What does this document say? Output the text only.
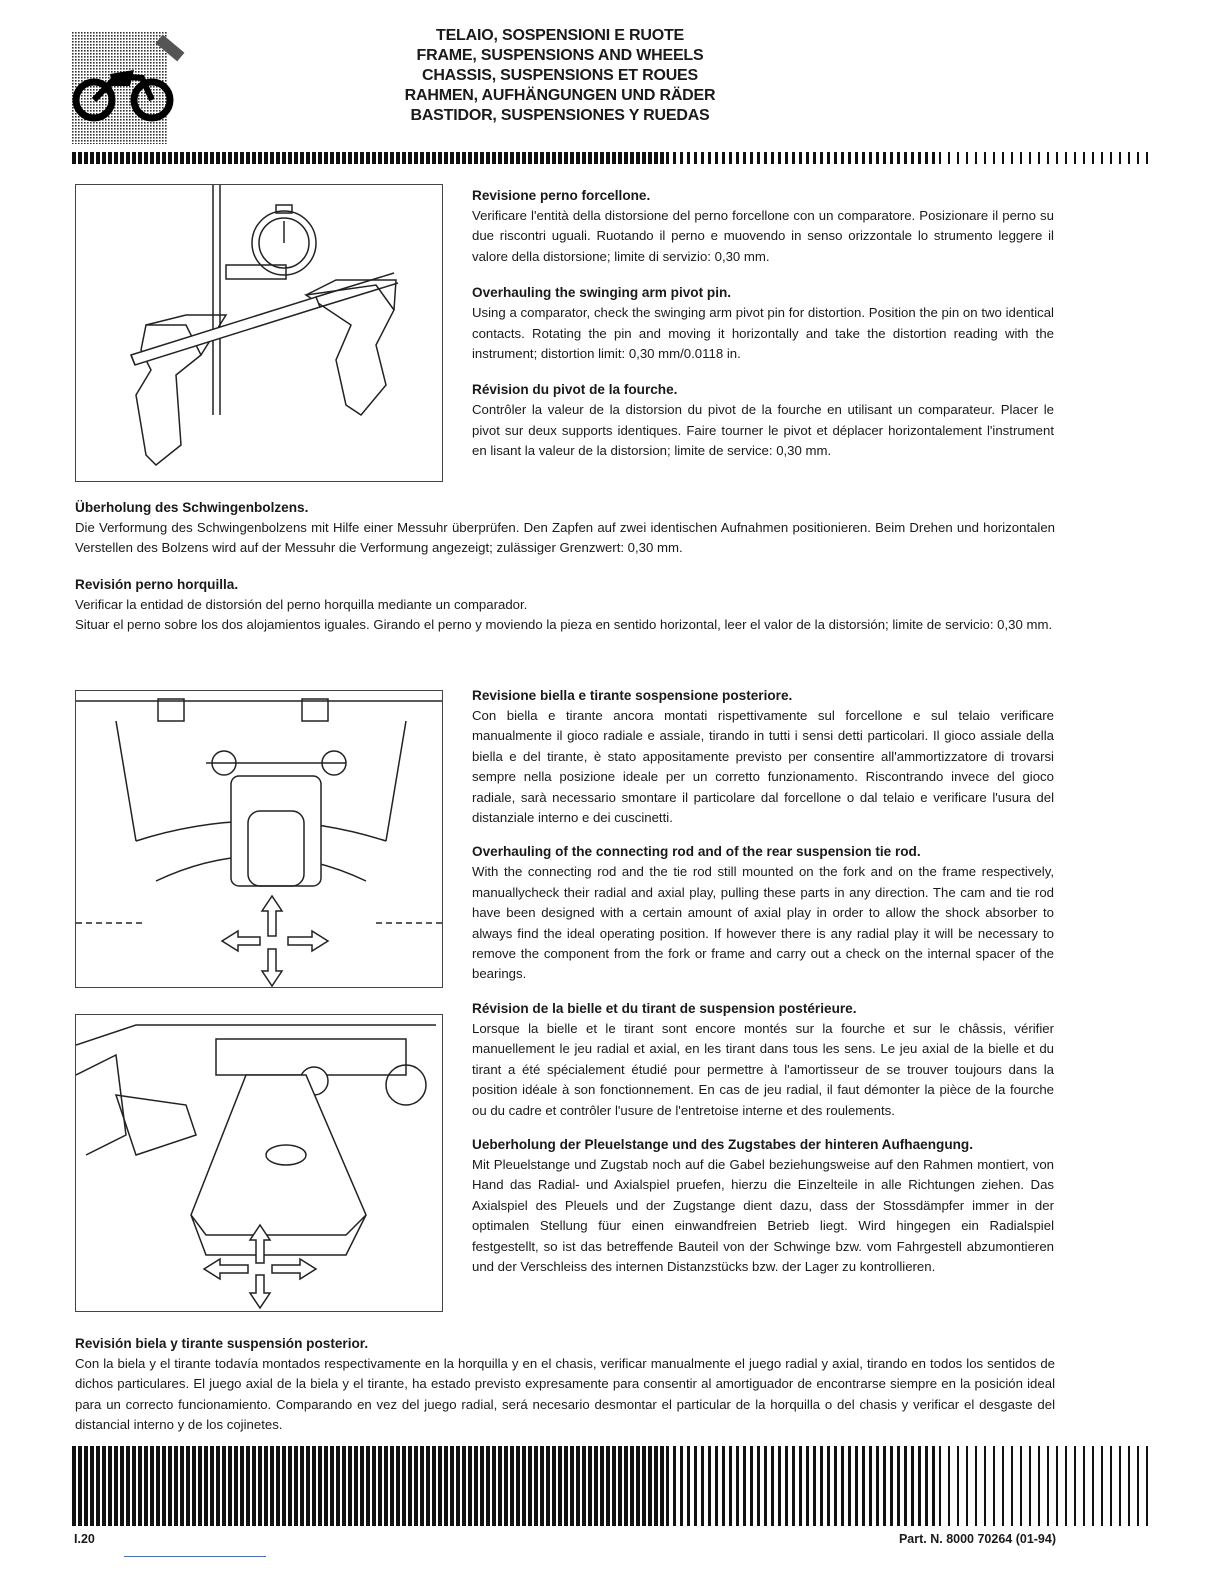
TELAIO, SOSPENSIONI E RUOTE
FRAME, SUSPENSIONS AND WHEELS
CHASSIS, SUSPENSIONS ET ROUES
RAHMEN, AUFHÄNGUNGEN UND RÄDER
BASTIDOR, SUSPENSIONES Y RUEDAS
Revisione perno forcellone.

Verificare l'entità della distorsione del perno forcellone con un comparatore. Posizionare il perno su due riscontri uguali. Ruotando il perno e muovendo in senso orizzontale lo strumento leggere il valore della distorsione; limite di servizio: 0,30 mm.

Overhauling the swinging arm pivot pin.

Using a comparator, check the swinging arm pivot pin for distortion. Position the pin on two identical contacts. Rotating the pin and moving it horizontally and take the distortion reading with the instrument; distortion limit: 0,30 mm/0.0118 in.

Révision du pivot de la fourche.

Contrôler la valeur de la distorsion du pivot de la fourche en utilisant un comparateur. Placer le pivot sur deux supports identiques. Faire tourner le pivot et déplacer horizontalement l'instrument en lisant la valeur de la distorsion; limite de service: 0,30 mm.

Überholung des Schwingenbolzens.

Die Verformung des Schwingenbolzens mit Hilfe einer Messuhr überprüfen. Den Zapfen auf zwei identischen Aufnahmen positionieren. Beim Drehen und horizontalen Verstellen des Bolzens wird auf der Messuhr die Verformung angezeigt; zulässiger Grenzwert: 0,30 mm.

Revisión perno horquilla.

Verificar la entidad de distorsión del perno horquilla mediante un comparador.

Situar el perno sobre los dos alojamientos iguales. Girando el perno y moviendo la pieza en sentido horizontal, leer el valor de la distorsión; limite de servicio: 0,30 mm.

Revisione biella e tirante sospensione posteriore.

Con biella e tirante ancora montati rispettivamente sul forcellone e sul telaio verificare manualmente il gioco radiale e assiale, tirando in tutti i sensi detti particolari. Il gioco assiale della biella e del tirante, è stato appositamente previsto per consentire all'ammortizzatore di trovarsi sempre nella posizione ideale per un corretto funzionamento. Riscontrando invece del gioco radiale, sarà necessario smontare il particolare dal forcellone o dal telaio e verificare l'usura del distanziale interno e dei cuscinetti.

Overhauling of the connecting rod and of the rear suspension tie rod.

With the connecting rod and the tie rod still mounted on the fork and on the frame respectively, manuallycheck their radial and axial play, pulling these parts in any direction. The cam and tie rod have been designed with a certain amount of axial play in order to allow the shock absorber to always find the ideal operating position. If however there is any radial play it will be necessary to remove the component from the fork or frame and carry out a check on the internal spacer of the bearings.

Révision de la bielle et du tirant de suspension postérieure.

Lorsque la bielle et le tirant sont encore montés sur la fourche et sur le châssis, vérifier manuellement le jeu radial et axial, en les tirant dans tous les sens. Le jeu axial de la bielle et du tirant a été spécialement étudié pour permettre à l'amortisseur de se trouver toujours dans la position idéale à son fonctionnement. En cas de jeu radial, il faut démonter la pièce de la fourche ou du cadre et contrôler l'usure de l'entretoise interne et des roulements.

Ueberholung der Pleuelstange und des Zugstabes der hinteren Aufhaengung.

Mit Pleuelstange und Zugstab noch auf die Gabel beziehungsweise auf den Rahmen montiert, von Hand das Radial- und Axialspiel pruefen, hierzu die Einzelteile in alle Richtungen ziehen. Das Axialspiel des Pleuels und der Zugstange dient dazu, dass der Stossdämpfer immer in der optimalen Stellung füur einen einwandfreien Betrieb liegt. Wird hingegen ein Radialspiel festgestellt, so ist das betreffende Bauteil von der Schwinge bzw. vom Fahrgestell abzumontieren und der Verschleiss des internen Distanzstücks bzw. der Lager zu kontrollieren.

Revisión biela y tirante suspensión posterior.

Con la biela y el tirante todavía montados respectivamente en la horquilla y en el chasis, verificar manualmente el juego radial y axial, tirando en todos los sentidos de dichos particulares. El juego axial de la biela y el tirante, ha estado previsto expresamente para consentir al amortiguador de encontrarse siempre en la posición ideal para un correcto funcionamiento. Comparando en vez del juego radial, será necesario desmontar el particular de la horquilla o del chasis y verificar el desgaste del distancial interno y de los cojinetes.

I.20	Part. N. 8000 70264 (01-94)
